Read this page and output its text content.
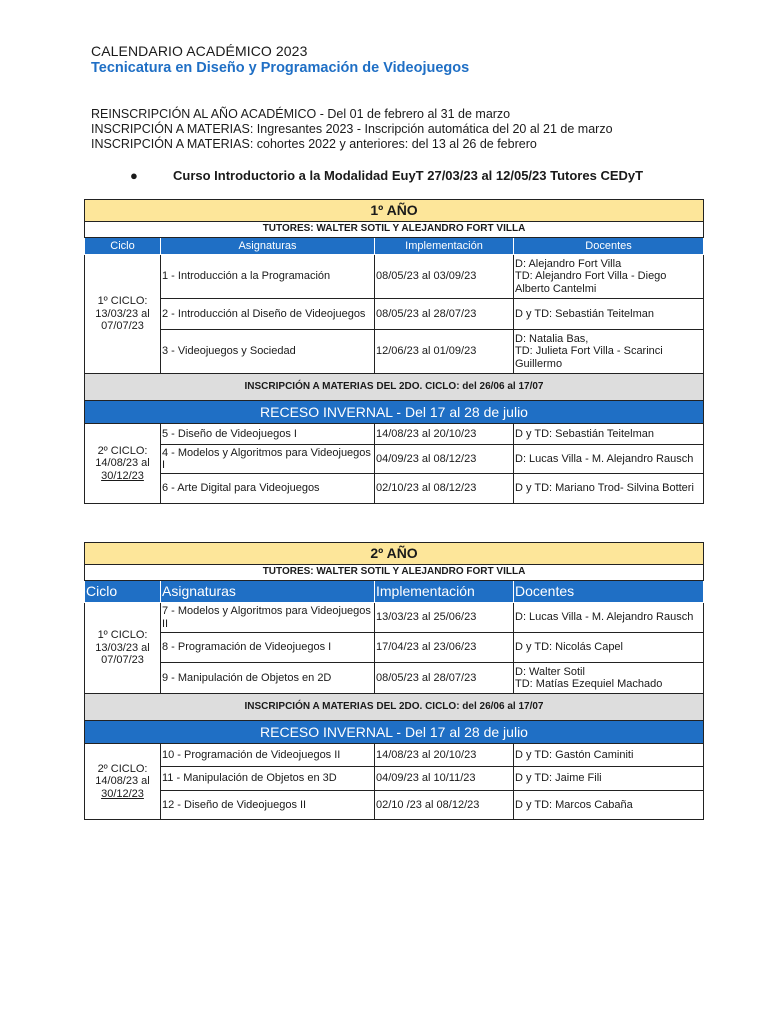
CALENDARIO ACADÉMICO 2023
Tecnicatura en Diseño y Programación de Videojuegos
REINSCRIPCIÓN AL AÑO ACADÉMICO - Del 01 de febrero al 31 de marzo
INSCRIPCIÓN A MATERIAS: Ingresantes 2023 - Inscripción automática del 20 al 21 de marzo
INSCRIPCIÓN A MATERIAS: cohortes 2022 y anteriores: del 13 al 26 de febrero
●	Curso Introductorio a la Modalidad EuyT 27/03/23 al 12/05/23 Tutores CEDyT
1º AÑO			
TUTORES: WALTER SOTIL Y ALEJANDRO FORT VILLA			
Ciclo	Asignaturas	Implementación	Docentes
1º CICLO:
13/03/23 al
07/07/23	1 - Introducción a la Programación	08/05/23 al 03/09/23	D: Alejandro Fort Villa
TD: Alejandro Fort Villa - Diego Alberto Cantelmi
	2 - Introducción al Diseño de Videojuegos	08/05/23 al 28/07/23	D y TD: Sebastián Teitelman
	3 - Videojuegos y Sociedad	12/06/23 al 01/09/23	D: Natalia Bas,
TD: Julieta Fort Villa - Scarinci Guillermo
INSCRIPCIÓN A MATERIAS DEL 2DO. CICLO: del 26/06 al 17/07			
RECESO INVERNAL - Del 17 al 28 de julio			
2º CICLO:
14/08/23 al
30/12/23	5 - Diseño de Videojuegos I	14/08/23 al 20/10/23	D y TD: Sebastián Teitelman
	4 - Modelos y Algoritmos para Videojuegos I	04/09/23 al 08/12/23	D: Lucas Villa - M. Alejandro Rausch
	6 - Arte Digital para Videojuegos	02/10/23 al 08/12/23	D y TD: Mariano Trod- Silvina Botteri
2º AÑO			
TUTORES: WALTER SOTIL Y ALEJANDRO FORT VILLA			
Ciclo	Asignaturas	Implementación	Docentes
1º CICLO:
13/03/23 al
07/07/23	7 - Modelos y Algoritmos para Videojuegos II	13/03/23 al 25/06/23	D: Lucas Villa - M. Alejandro Rausch
	8 - Programación de Videojuegos I	17/04/23 al 23/06/23	D y TD: Nicolás Capel
	9 - Manipulación de Objetos en 2D	08/05/23 al 28/07/23	D: Walter Sotil
TD: Matías Ezequiel Machado
INSCRIPCIÓN A MATERIAS DEL 2DO. CICLO: del 26/06 al 17/07			
RECESO INVERNAL - Del 17 al 28 de julio			
2º CICLO:
14/08/23 al
30/12/23	10 - Programación de Videojuegos II	14/08/23 al 20/10/23	D y TD: Gastón Caminiti
	11 - Manipulación de Objetos en 3D	04/09/23 al 10/11/23	D y TD: Jaime Fili
	12 - Diseño de Videojuegos II	02/10 /23 al 08/12/23	D y TD: Marcos Cabaña
